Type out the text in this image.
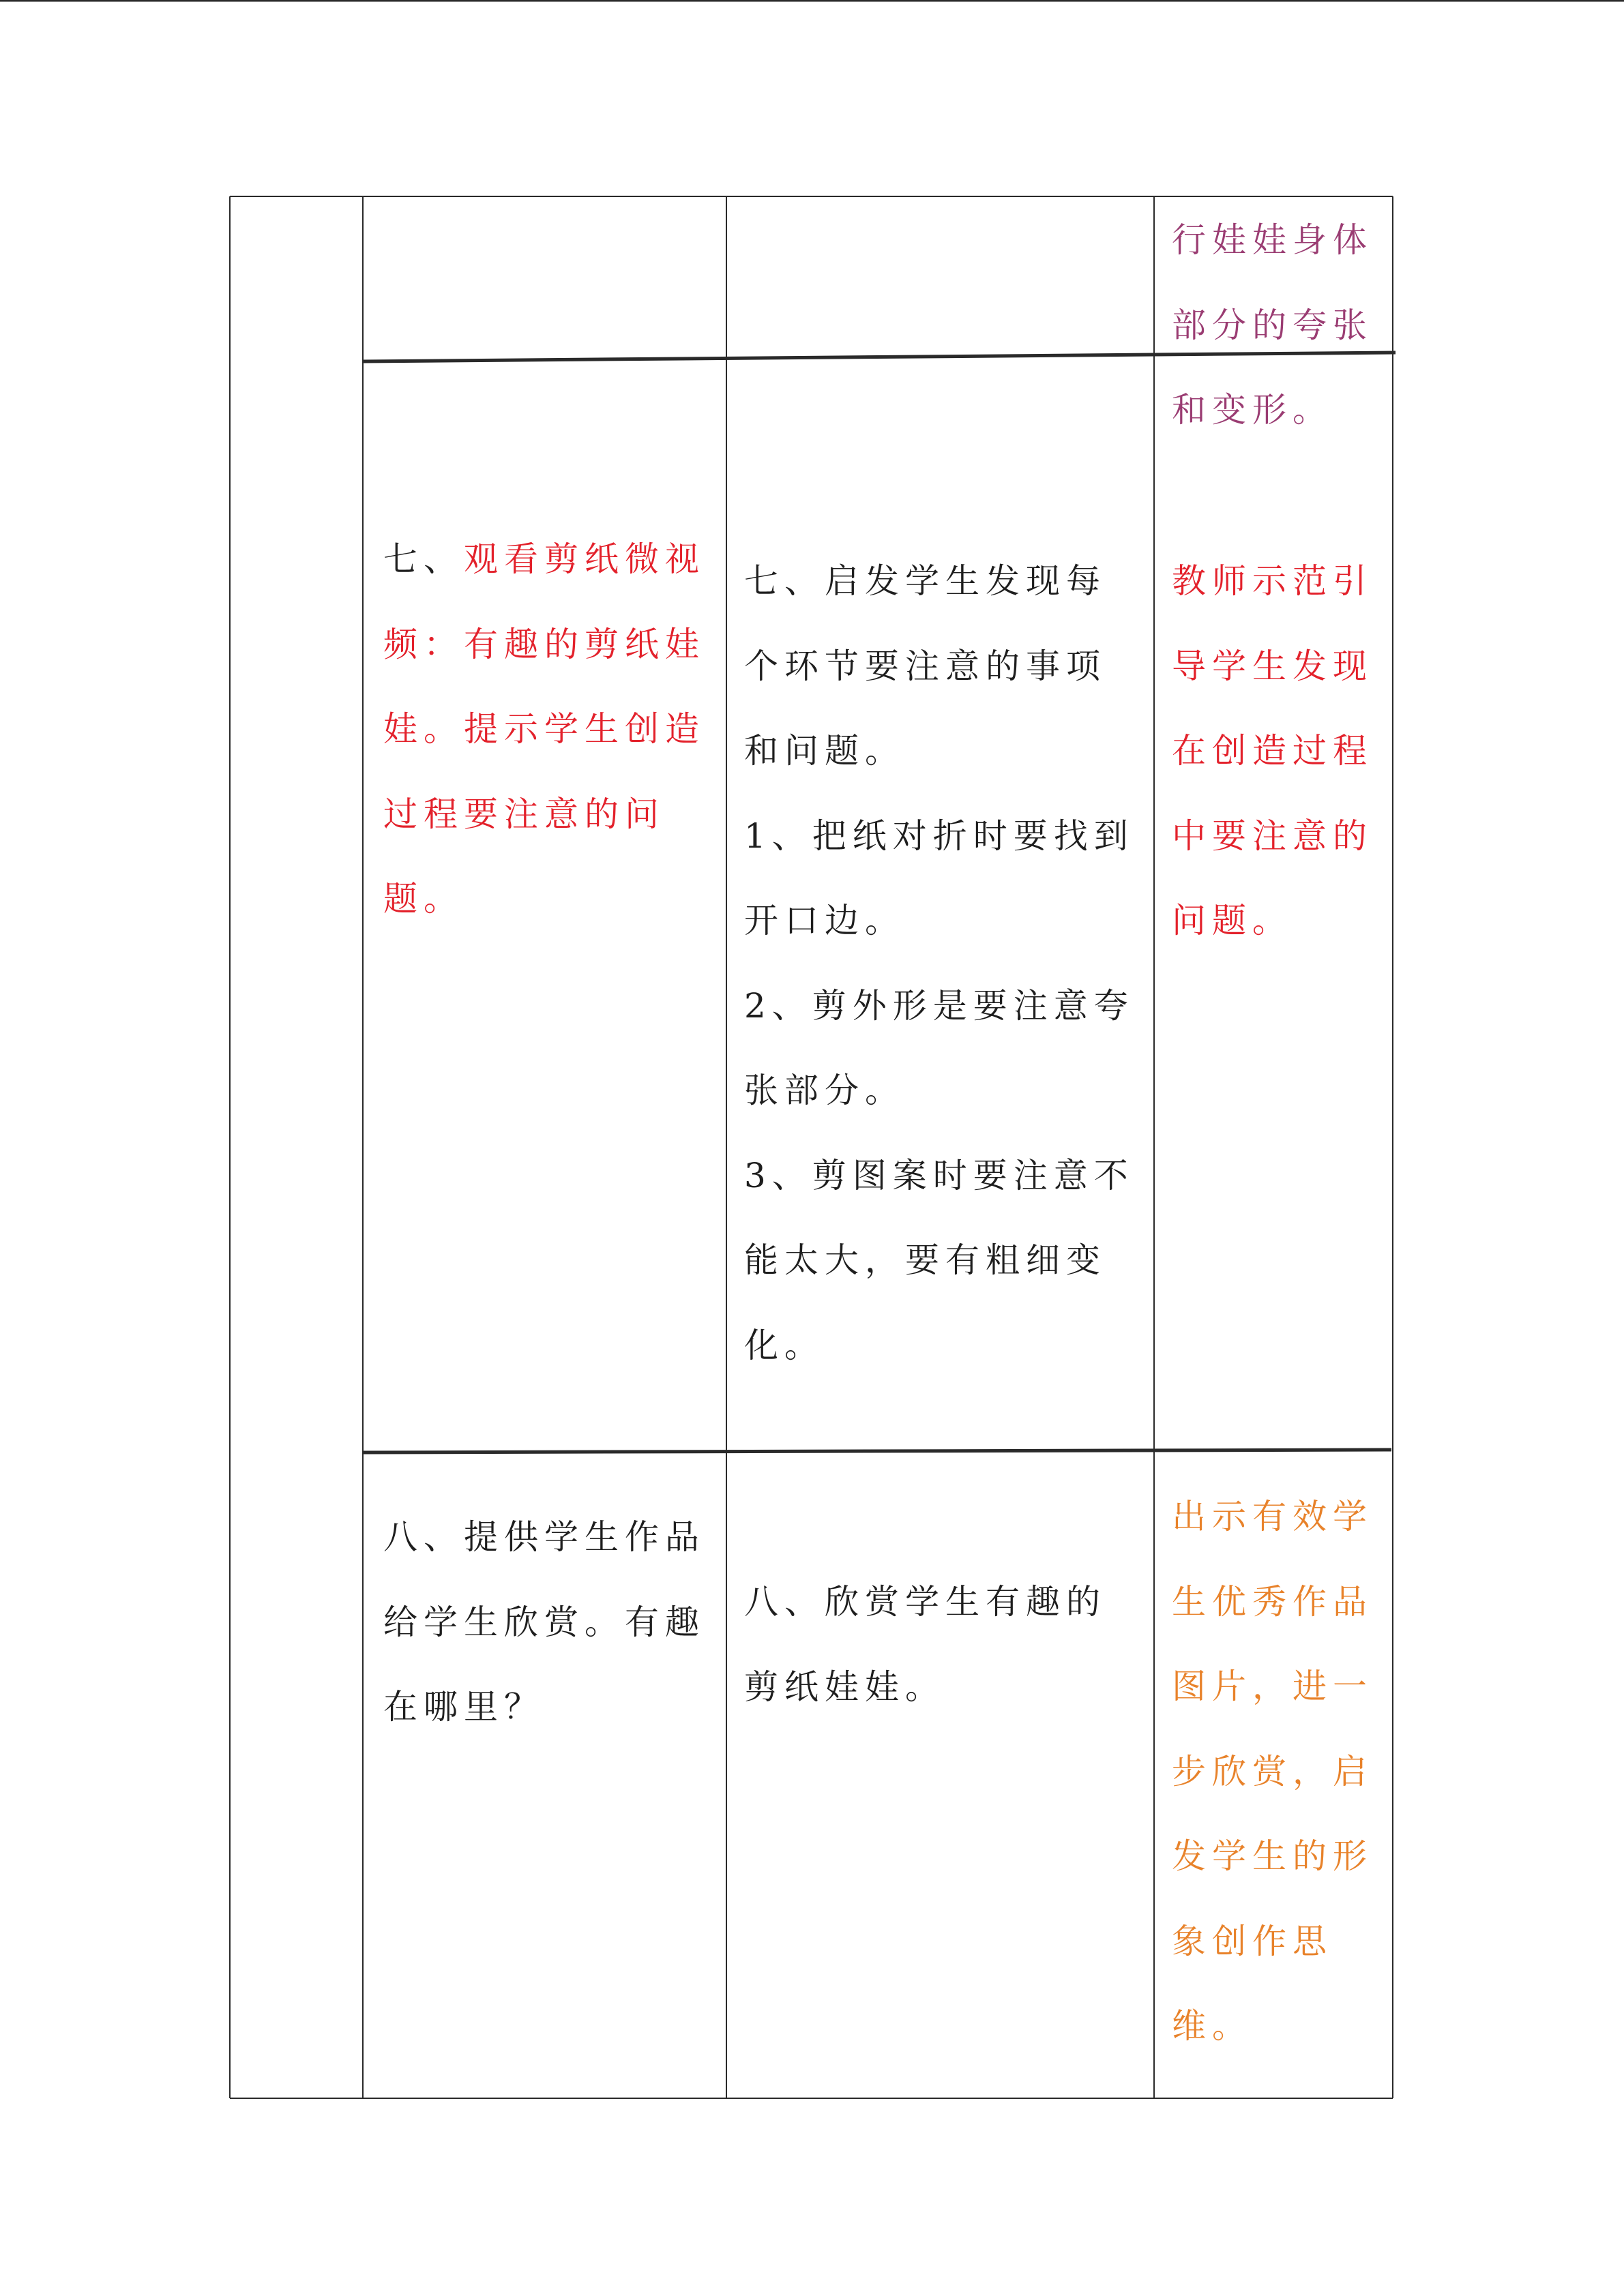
行娃娃身体
部分的夸张
七、观看剪纸微视
频：有趣的剪纸娃
娃。提示学生创造
过程要注意的问
题。
七、启发学生发现每
个环节要注意的事项
和问题。
1、把纸对折时要找到
开口边。
2、剪外形是要注意夸
张部分。
3、剪图案时要注意不
能太大，要有粗细变
化。
和变形。
教师示范引
导学生发现
在创造过程
中要注意的
问题。
八、提供学生作品
给学生欣赏。有趣
在哪里？
八、欣赏学生有趣的
剪纸娃娃。
出示有效学
生优秀作品
图片，进一
步欣赏，启
发学生的形
象创作思
维。
